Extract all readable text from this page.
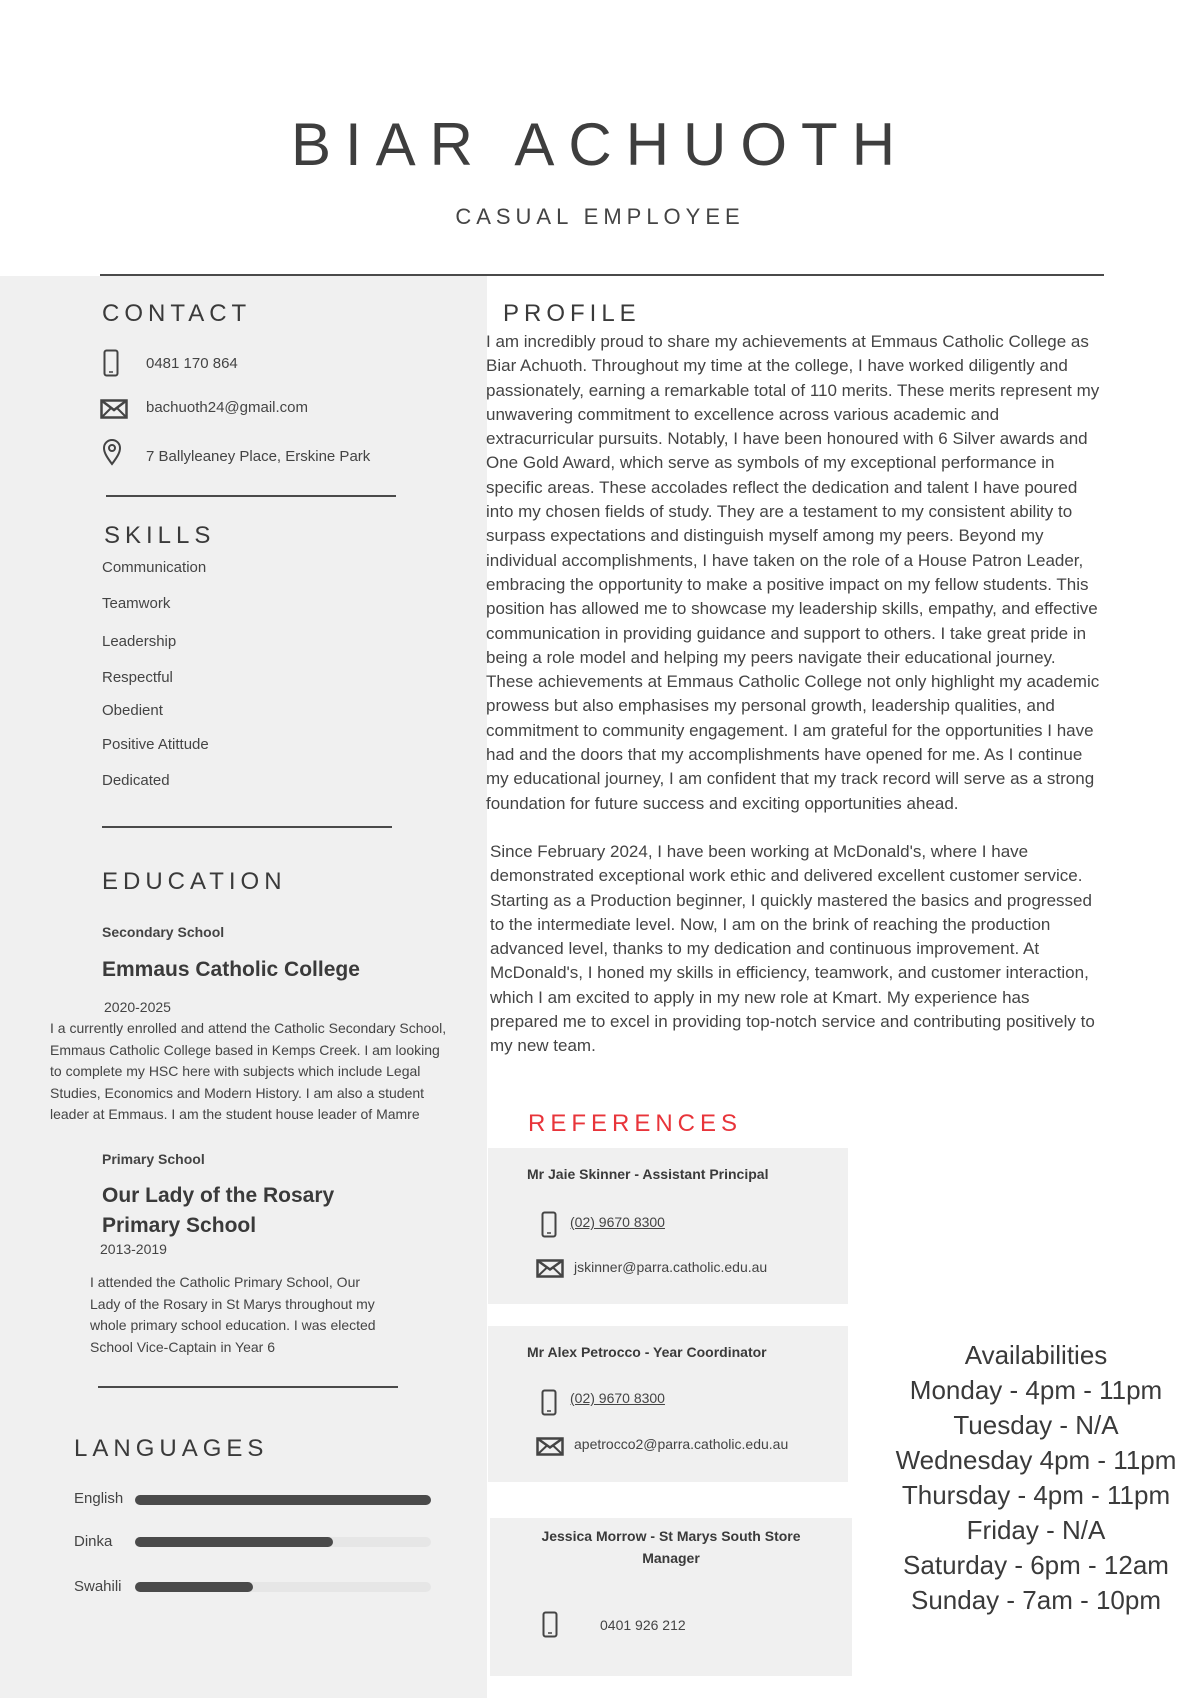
BIAR ACHUOTH
CASUAL EMPLOYEE
CONTACT
0481 170 864
bachuoth24@gmail.com
7 Ballyleaney Place, Erskine Park
SKILLS
Communication
Teamwork
Leadership
Respectful
Obedient
Positive Atittude
Dedicated
EDUCATION
Secondary School
Emmaus Catholic College
2020-2025
I a currently enrolled and attend the Catholic Secondary School, Emmaus Catholic College based in Kemps Creek. I am looking to complete my HSC here with subjects which include Legal Studies, Economics and Modern History. I am also a student leader at Emmaus. I am the student house leader of Mamre
Primary School
Our Lady of the Rosary Primary School
2013-2019
I attended the Catholic Primary School, Our Lady of the Rosary in St Marys throughout my whole primary school education. I was elected School Vice-Captain in Year 6
LANGUAGES
English
Dinka
Swahili
PROFILE

I am incredibly proud to share my achievements at Emmaus Catholic College as Biar Achuoth. Throughout my time at the college, I have worked diligently and passionately, earning a remarkable total of 110 merits. These merits represent my unwavering commitment to excellence across various academic and extracurricular pursuits. Notably, I have been honoured with 6 Silver awards and One Gold Award, which serve as symbols of my exceptional performance in specific areas. These accolades reflect the dedication and talent I have poured into my chosen fields of study. They are a testament to my consistent ability to surpass expectations and distinguish myself among my peers. Beyond my individual accomplishments, I have taken on the role of a House Patron Leader, embracing the opportunity to make a positive impact on my fellow students. This position has allowed me to showcase my leadership skills, empathy, and effective communication in providing guidance and support to others. I take great pride in being a role model and helping my peers navigate their educational journey. These achievements at Emmaus Catholic College not only highlight my academic prowess but also emphasises my personal growth, leadership qualities, and commitment to community engagement. I am grateful for the opportunities I have had and the doors that my accomplishments have opened for me. As I continue my educational journey, I am confident that my track record will serve as a strong foundation for future success and exciting opportunities ahead.

Since February 2024, I have been working at McDonald's, where I have demonstrated exceptional work ethic and delivered excellent customer service. Starting as a Production beginner, I quickly mastered the basics and progressed to the intermediate level. Now, I am on the brink of reaching the production advanced level, thanks to my dedication and continuous improvement. At McDonald's, I honed my skills in efficiency, teamwork, and customer interaction, which I am excited to apply in my new role at Kmart. My experience has prepared me to excel in providing top-notch service and contributing positively to my new team.

REFERENCES
Mr Jaie Skinner - Assistant Principal
(02) 9670 8300
jskinner@parra.catholic.edu.au
Mr Alex Petrocco - Year Coordinator
(02) 9670 8300
apetrocco2@parra.catholic.edu.au
Jessica Morrow - St Marys South Store
Manager
0401 926 212
Availabilities
Monday - 4pm - 11pm
Tuesday - N/A
Wednesday 4pm - 11pm
Thursday - 4pm - 11pm
Friday - N/A
Saturday - 6pm - 12am
Sunday - 7am - 10pm
